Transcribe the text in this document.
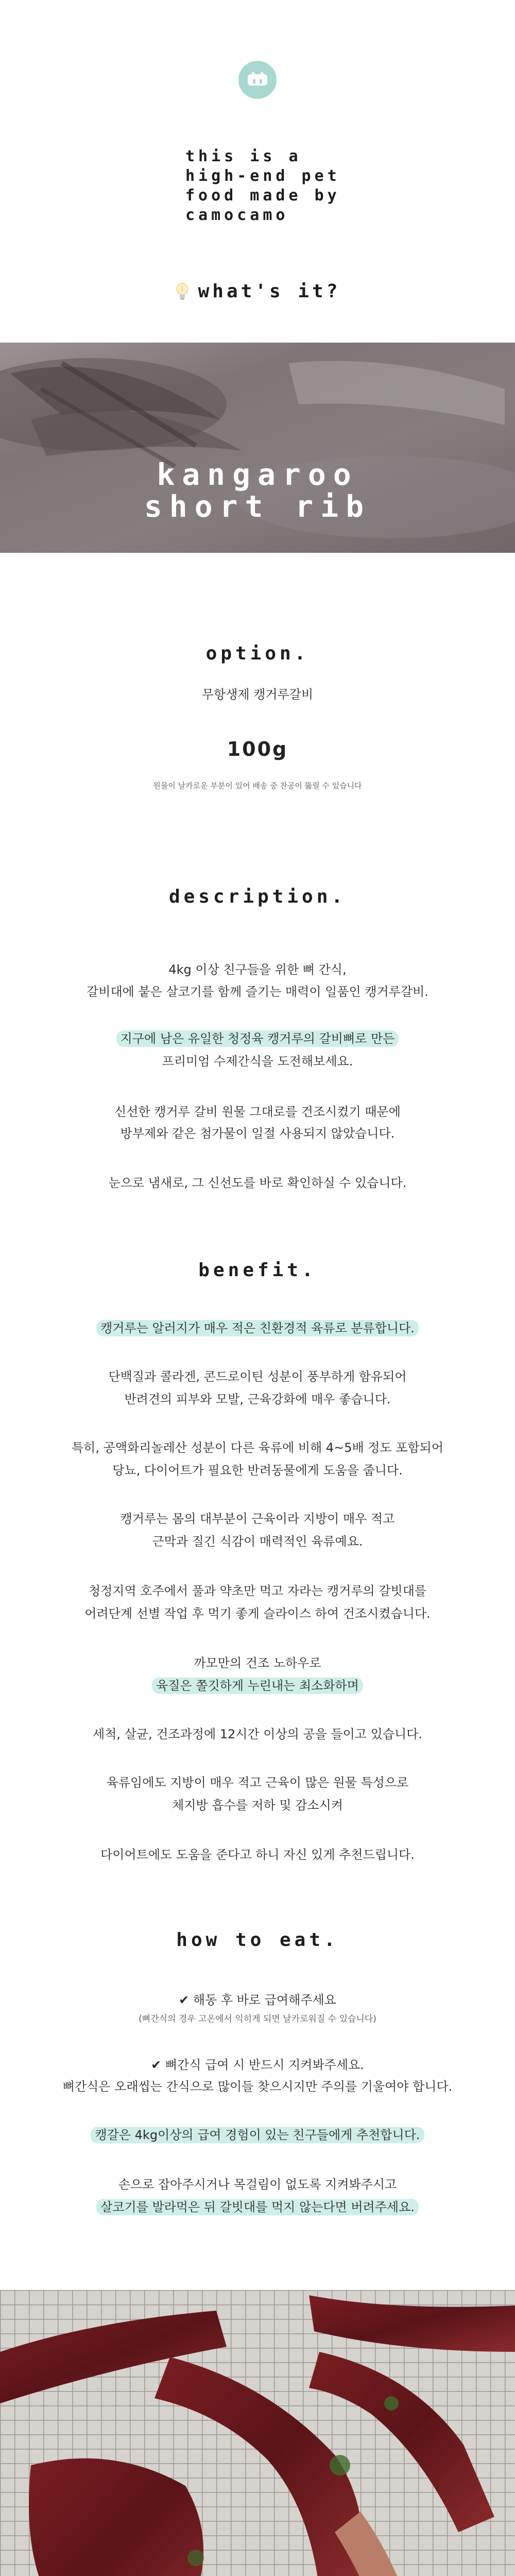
this is a
high-end pet
food made by
camocamo
what's it?
kangaroo
short rib
option.
무항생제 캥거루갈비
100g
원물이 날카로운 부분이 있어 배송 중 찬공이 뚫릴 수 있습니다
description.
4kg 이상 친구들을 위한 뼈 간식,
갈비대에 붙은 살코기를 함께 즐기는 매력이 일품인 캥거루갈비.
지구에 남은 유일한 청정육 캥거루의 갈비뼈로 만든
프리미엄 수제간식을 도전해보세요.
신선한 캥거루 갈비 원물 그대로를 건조시켰기 때문에
방부제와 같은 첨가물이 일절 사용되지 않았습니다.
눈으로 냄새로, 그 신선도를 바로 확인하실 수 있습니다.
benefit.
캥거루는 알러지가 매우 적은 친환경적 육류로 분류합니다.
단백질과 콜라겐, 콘드로이틴 성분이 풍부하게 함유되어
반려견의 피부와 모발, 근육강화에 매우 좋습니다.
특히, 공액화리놀레산 성분이 다른 육류에 비해 4~5배 정도 포함되어
당뇨, 다이어트가 필요한 반려동물에게 도움을 줍니다.
캥거루는 몸의 대부분이 근육이라 지방이 매우 적고
근막과 질긴 식감이 매력적인 육류예요.
청정지역 호주에서 풀과 약초만 먹고 자라는 캥거루의 갈빗대를
어려단계 선별 작업 후 먹기 좋게 슬라이스 하여 건조시켰습니다.
까모만의 건조 노하우로
육질은 쫄깃하게 누린내는 최소화하며
세척, 살균, 건조과정에 12시간 이상의 공을 들이고 있습니다.
육류임에도 지방이 매우 적고 근육이 많은 원물 특성으로
체지방 흡수를 저하 및 감소시켜
다이어트에도 도움을 준다고 하니 자신 있게 추천드립니다.
how to eat.
✔ 해동 후 바로 급여해주세요
(뼈간식의 경우 고온에서 익히게 되면 날카로워질 수 있습니다)
✔ 뼈간식 급여 시 반드시 지켜봐주세요.
뼈간식은 오래씹는 간식으로 많이들 찾으시지만 주의를 기울여야 합니다.
캥갈은 4kg이상의 급여 경험이 있는 친구들에게 추천합니다.
손으로 잡아주시거나 목걸림이 없도록 지켜봐주시고
살코기를 발라먹은 뒤 갈빗대를 먹지 않는다면 버려주세요.
